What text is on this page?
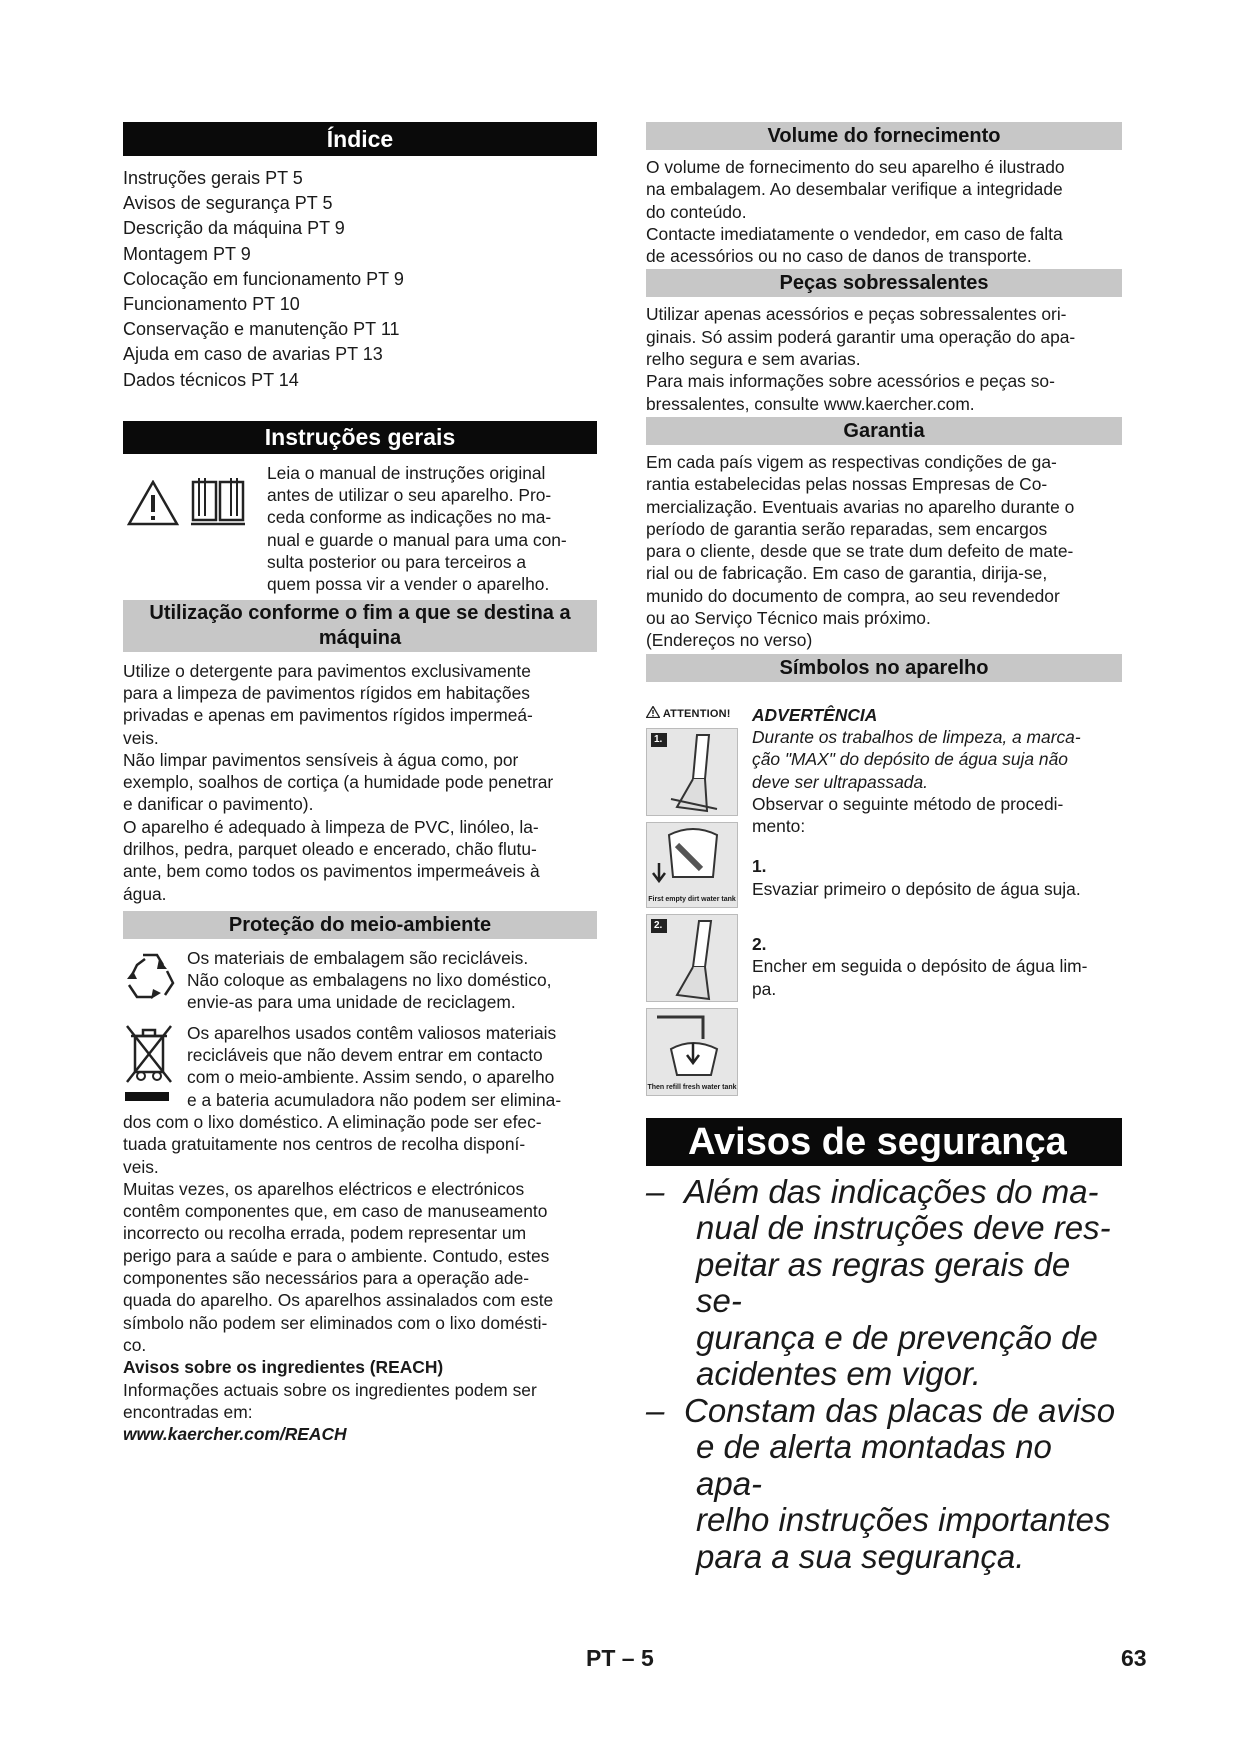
Índice
Instruções gerais PT 5
Avisos de segurança PT 5
Descrição da máquina PT 9
Montagem PT 9
Colocação em funcionamento PT 9
Funcionamento PT 10
Conservação e manutenção PT 11
Ajuda em caso de avarias PT 13
Dados técnicos PT 14
Instruções gerais
Leia o manual de instruções original
antes de utilizar o seu aparelho. Pro-
ceda conforme as indicações no ma-
nual e guarde o manual para uma con-
sulta posterior ou para terceiros a
quem possa vir a vender o aparelho.
Utilização conforme o fim a que se destina a
máquina
Utilize o detergente para pavimentos exclusivamente
para a limpeza de pavimentos rígidos em habitações
privadas e apenas em pavimentos rígidos impermeá-
veis.
Não limpar pavimentos sensíveis à água como, por
exemplo, soalhos de cortiça (a humidade pode penetrar
e danificar o pavimento).
O aparelho é adequado à limpeza de PVC, linóleo, la-
drilhos, pedra, parquet oleado e encerado, chão flutu-
ante, bem como todos os pavimentos impermeáveis à
água.
Proteção do meio-ambiente
Os materiais de embalagem são recicláveis.
Não coloque as embalagens no lixo doméstico,
envie-as para uma unidade de reciclagem.
Os aparelhos usados contêm valiosos materiais
recicláveis que não devem entrar em contacto
com o meio-ambiente. Assim sendo, o aparelho
e a bateria acumuladora não podem ser elimina-
dos com o lixo doméstico. A eliminação pode ser efec-
tuada gratuitamente nos centros de recolha disponí-
veis.
Muitas vezes, os aparelhos eléctricos e electrónicos
contêm componentes que, em caso de manuseamento
incorrecto ou recolha errada, podem representar um
perigo para a saúde e para o ambiente. Contudo, estes
componentes são necessários para a operação ade-
quada do aparelho. Os aparelhos assinalados com este
símbolo não podem ser eliminados com o lixo domésti-
co.
Avisos sobre os ingredientes (REACH)
Informações actuais sobre os ingredientes podem ser
encontradas em:
www.kaercher.com/REACH
Volume do fornecimento
O volume de fornecimento do seu aparelho é ilustrado
na embalagem. Ao desembalar verifique a integridade
do conteúdo.
Contacte imediatamente o vendedor, em caso de falta
de acessórios ou no caso de danos de transporte.
Peças sobressalentes
Utilizar apenas acessórios e peças sobressalentes ori-
ginais. Só assim poderá garantir uma operação do apa-
relho segura e sem avarias.
Para mais informações sobre acessórios e peças so-
bressalentes, consulte www.kaercher.com.
Garantia
Em cada país vigem as respectivas condições de ga-
rantia estabelecidas pelas nossas Empresas de Co-
mercialização. Eventuais avarias no aparelho durante o
período de garantia serão reparadas, sem encargos
para o cliente, desde que se trate dum defeito de mate-
rial ou de fabricação. Em caso de garantia, dirija-se,
munido do documento de compra, ao seu revendedor
ou ao Serviço Técnico mais próximo.
(Endereços no verso)
Símbolos no aparelho
ATTENTION!
1.
First empty dirt water tank
2.
Then refill fresh water tank
ADVERTÊNCIA
Durante os trabalhos de limpeza, a marca-
ção "MAX" do depósito de água suja não
deve ser ultrapassada.
Observar o seguinte método de procedi-
mento:
1.
Esvaziar primeiro o depósito de água suja.
2.
Encher em seguida o depósito de água lim-
pa.
Avisos de segurança
– Além das indicações do ma-
nual de instruções deve res-
peitar as regras gerais de se-
gurança e de prevenção de
acidentes em vigor.
– Constam das placas de aviso
e de alerta montadas no apa-
relho instruções importantes
para a sua segurança.
PT – 5	63
